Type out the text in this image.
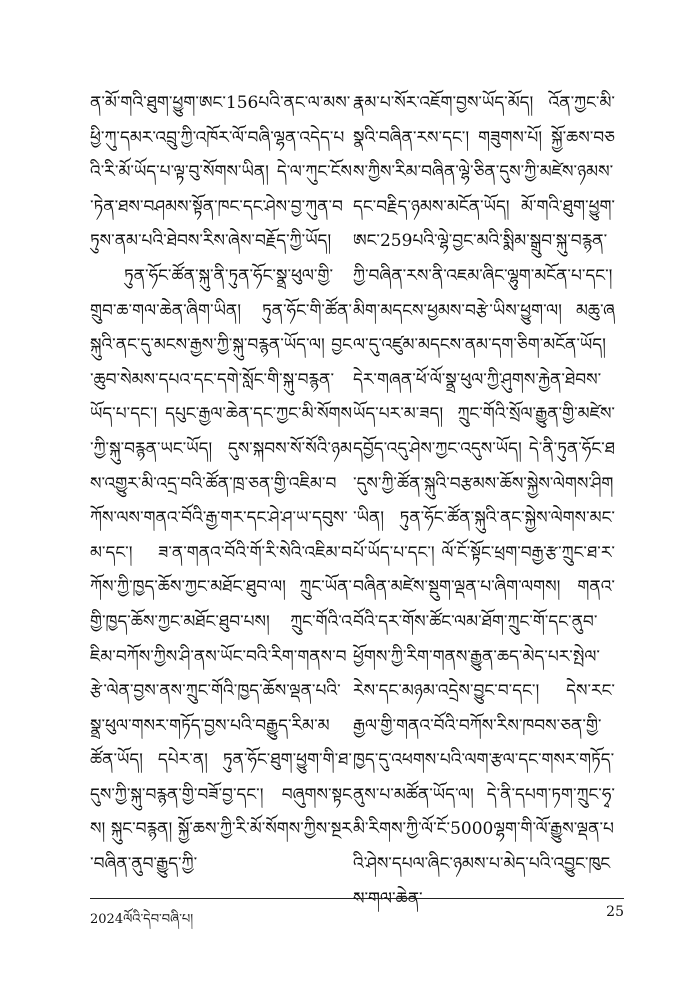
ན་མོ་གའི་ཐུག་ཕྱུག་ཨང་156པའི་ནང་ལ་མས་ཕྱི་ཀུ་དམར་འབྲུ་ཀྱི་འཁོར་ལོ་བཞི་ལྷན་འདེད་པའི་རི་མོ་ཡོད་པ་ལྟ་བུ་སོགས་ཡིན། དེ་ལ་ཀུང་ངོས་ཏེན་ཐས་བཤམས་སྟོན་ཁང་དང་ཤེས་བྱ་ཀུན་བཏུས་ནམ་པའི་ཐེབས་རིས་ཞེས་བརྗོད་ཀྱི་ཡོད།

ཏུན་ཧོང་ཚོན་སྐུ་ནི་ཏུན་ཧོང་སྣྲ་ཕུལ་གྱི་གྲུབ་ཆ་གལ་ཆེན་ཞིག་ཡིན། ཏུན་ཧོང་གི་ཚོན་སྐུའི་ནང་དུ་མངས་རྒྱས་ཀྱི་སྐུ་བརྙན་ཡོད་ལ། བྱང་ཆུབ་སེམས་དཔའ་དང་དགེ་སློང་གི་སྐུ་བརྙན་ཡོད་པ་དང་། དཔུང་རྒྱལ་ཆེན་དང་ཀྱང་མི་སོགས་ཀྱི་སྐུ་བརྙན་ཡང་ཡོད། དུས་སྐབས་སོ་སོའི་ཉམས་འགྱུར་མི་འདྲ་བའི་ཚོན་ཁྲ་ཅན་གྱི་འཇིམ་བཀོས་ལས་གནའ་བོའི་རྒྱ་གར་དང་ཤེ་ཤ་ཡ་དབུས་མ་དང་། ཟ་ན་གནའ་བོའི་གོ་རི་སེའི་འཇིམ་བཀོས་ཀྱི་ཁྱད་ཆོས་ཀྱང་མཐོང་ཐུབ་ལ། ཀྲུང་ཡོན་གྱི་ཁྱད་ཆོས་ཀྱང་མཐོང་ཐུབ་པས། ཀྲུང་གོའི་འཇིམ་བཀོས་ཀྱིས་ཤི་ནས་ཡོང་བའི་རིག་གནས་བརྩེ་ལེན་བྱས་ནས་ཀྲུང་གོའི་ཁྱད་ཆོས་ལྡན་པའི་སྣྲ་ཕུལ་གསར་གཏོད་བྱས་པའི་བརྒྱུད་རིམ་མཚོན་ཡོད། དཔེར་ན། ཏུན་ཧོང་ཐུག་ཕྱུག་གི་ཐ་དུས་ཀྱི་སྐུ་བརྙན་གྱི་བཟོ་བྱ་དང་། བཞུགས་སྟངས། སྐུང་བརྙན། སྐྱོ་ཆས་ཀྱི་རི་མོ་སོགས་ཀྱིས་སྔར་བཞིན་ནུབ་རྒྱུད་ཀྱི་

རྣམ་པ་སོར་འཇོག་བྱས་ཡོད་མོད། འོན་ཀྱང་མི་སྣའི་བཞིན་རས་དང་། གཟུགས་པོ། སྐྱོ་ཆས་བཅས་ཀྱིས་རིམ་བཞིན་ལྷེ་ཅིན་དུས་ཀྱི་མཛེས་ཉམས་དང་བརྗིད་ཉམས་མངོན་ཡོད། མོ་གའི་ཐུག་ཕྱུག་ཨང་259པའི་ལྷེ་བྱང་མའི་སྨིམ་སྒྲུབ་སྐུ་བརྙན་ཀྱི་བཞིན་རས་ནི་འཇམ་ཞིང་ལྷུག་མངོན་པ་དང་། མིག་མདངས་ཕྱམས་བརྩེ་ཡིས་ཕྱུག་ལ། མཆུ་ཞལ་དུ་འཛུམ་མདངས་ནམ་དག་ཅིག་མངོན་ཡོད། དེར་གཞན་ཕོ་ལོ་སྣྲ་ཕུལ་ཀྱི་ཤུགས་རྐྱེན་ཐེབས་ཡོད་པར་མ་ཟད། ཀྲུང་གོའི་སྲོལ་རྒྱུན་གྱི་མཛེས་དབྱོད་འདུ་ཤེས་ཀྱང་འདུས་ཡོད། དེ་ནི་ཏུན་ཧོང་ཐ་དུས་ཀྱི་ཚོན་སྐུའི་བརྩམས་ཆོས་སྐྱེས་ལེགས་ཤིག་ཡིན། ཏུན་ཧོང་ཚོན་སྐུའི་ནང་སྐྱེས་ལེགས་མང་པོ་ཡོད་པ་དང་། ལོ་ངོ་སྟོང་ཕྲག་བརྒྱ་རྩ་ཀྲུང་ཐ་ར་བཞིན་མཛེས་སྡུག་ལྡན་པ་ཞིག་ལགས། གནའ་བོའི་དར་གོས་ཚོང་ལམ་ཐོག་ཀྲུང་གོ་དང་ནུབ་ཕྱོགས་ཀྱི་རིག་གནས་རྒྱུན་ཆད་མེད་པར་སྤེལ་རེས་དང་མཉམ་འདྲེས་བྱུང་བ་དང་། དེས་རང་རྒྱལ་གྱི་གནའ་བོའི་བཀོས་རིས་ཁབས་ཅན་གྱི་ཁྱད་དུ་འཕགས་པའི་ལག་རྩལ་དང་གསར་གཏོད་ནུས་པ་མཚོན་ཡོད་ལ། དེ་ནི་དཔག་ཏག་ཀྲུང་ཧྭ་མི་རིགས་ཀྱི་ལོ་ངོ་5000ལྷག་གི་ལོ་རྒྱུས་ལྡན་པའི་ཤེས་དཔལ་ཞིང་ཉམས་པ་མེད་པའི་འབྱུང་ཁུངས་གལ་ཆེན་

2024ལོའི་དེབ་བཞི་པ།	25
